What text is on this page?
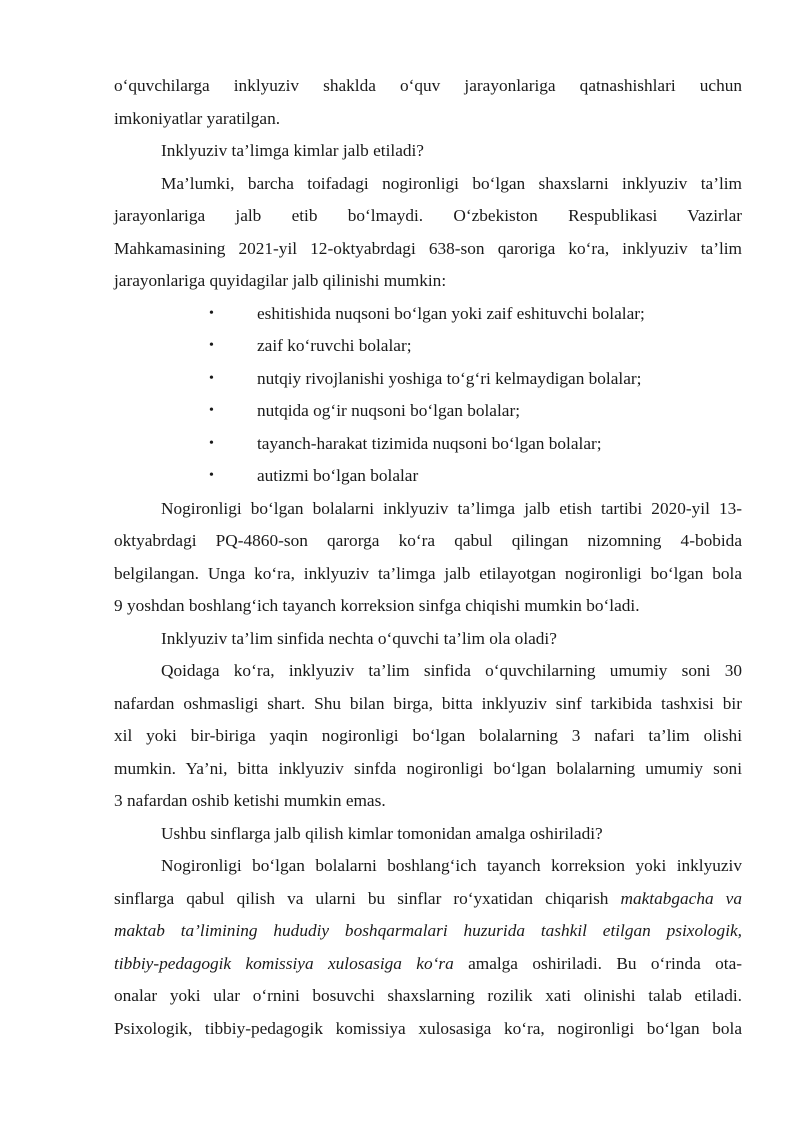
o‘quvchilarga inklyuziv shaklda o‘quv jarayonlariga qatnashishlari uchun
imkoniyatlar yaratilgan.
Inklyuziv ta’limga kimlar jalb etiladi?
Ma’lumki, barcha toifadagi nogironligi bo‘lgan shaxslarni inklyuziv ta’lim
jarayonlariga jalb etib bo‘lmaydi. O‘zbekiston Respublikasi Vazirlar
Mahkamasining 2021-yil 12-oktyabrdagi 638-son qaroriga ko‘ra, inklyuziv ta’lim
jarayonlariga quyidagilar jalb qilinishi mumkin:
• eshitishida nuqsoni bo‘lgan yoki zaif eshituvchi bolalar;
• zaif ko‘ruvchi bolalar;
• nutqiy rivojlanishi yoshiga to‘g‘ri kelmaydigan bolalar;
• nutqida og‘ir nuqsoni bo‘lgan bolalar;
• tayanch-harakat tizimida nuqsoni bo‘lgan bolalar;
• autizmi bo‘lgan bolalar
Nogironligi bo‘lgan bolalarni inklyuziv ta’limga jalb etish tartibi 2020-yil 13-
oktyabrdagi PQ-4860-son qarorga ko‘ra qabul qilingan nizomning 4-bobida
belgilangan. Unga ko‘ra, inklyuziv ta’limga jalb etilayotgan nogironligi bo‘lgan bola
9 yoshdan boshlang‘ich tayanch korreksion sinfga chiqishi mumkin bo‘ladi.
Inklyuziv ta’lim sinfida nechta o‘quvchi ta’lim ola oladi?
Qoidaga ko‘ra, inklyuziv ta’lim sinfida o‘quvchilarning umumiy soni 30
nafardan oshmasligi shart. Shu bilan birga, bitta inklyuziv sinf tarkibida tashxisi bir
xil yoki bir-biriga yaqin nogironligi bo‘lgan bolalarning 3 nafari ta’lim olishi
mumkin. Ya’ni, bitta inklyuziv sinfda nogironligi bo‘lgan bolalarning umumiy soni
3 nafardan oshib ketishi mumkin emas.
Ushbu sinflarga jalb qilish kimlar tomonidan amalga oshiriladi?
Nogironligi bo‘lgan bolalarni boshlang‘ich tayanch korreksion yoki inklyuziv
sinflarga qabul qilish va ularni bu sinflar ro‘yxatidan chiqarish maktabgacha va
maktab ta’limining hududiy boshqarmalari huzurida tashkil etilgan psixologik,
tibbiy-pedagogik komissiya xulosasiga ko‘ra amalga oshiriladi. Bu o‘rinda ota-
onalar yoki ular o‘rnini bosuvchi shaxslarning rozilik xati olinishi talab etiladi.
Psixologik, tibbiy-pedagogik komissiya xulosasiga ko‘ra, nogironligi bo‘lgan bola
